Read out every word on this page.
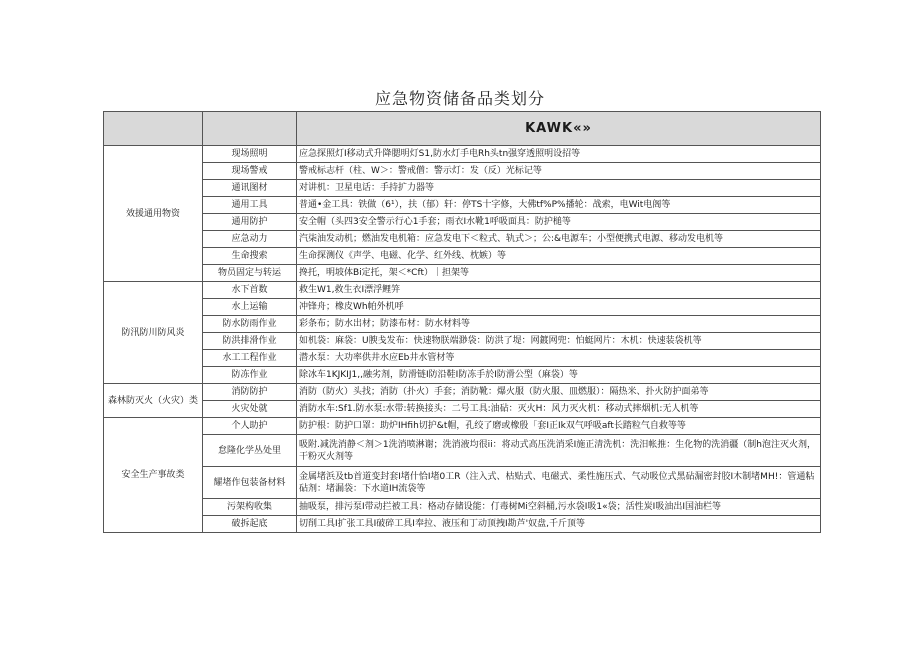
应急物资储备品类划分
		KAWK«»
效援通用物资	现场照明	应急探照灯I移动式升降腮明灯S1,防水灯手电Rh头tn强穿透照明设招等
	现场警戒	警戒标志杆（柱、W＞：警戒僧：警示灯：发（反）光标记等
	通讯图材	对讲机：卫星电话：手持扩力器等
	通用工具	普通•金工具：铁做（6¹），扶（郁）轩：停TS十字修，大佛tf%P%播轮：战索，电Wit电阁等
	通用防护	安全帽（头四3安全警示行心1手套；雨衣I水靴1呼吸面具：防护槌等
	应急动力	汽柒油发动机；燃油发电机箱：应急发电下＜粒式、轨式＞；公:&电源车；小型便携式电源、移动发电机等
	生命搜索	生命探测仪《声学、电磁、化学、红外线、枕嫉）等
	物员固定与转运	搀托，明坡体Bi定托，架＜*Cft）｜担架等
防汛防川防风炎	水下首数	救生W1,救生衣I漂浮鲤笄
	水上运输	冲锋舟；橡皮Wh帕外机呼
	防水防雨作业	彩条布；防水出材；防漆布材：防水材料等
	防洪排滑作业	如机袋：麻袋：U腴戋发布：快速物朕端渺袋：防洪了堤：网鍍网兜：怕蜓网片：木机：快速装袋机等
	水工工程作业	潜水泵：大功率供井水应Eb井水管材等
	防冻作业	除冰车1KJKIJ1,,融劣剂，防滑链I防沿鞋I防冻手於I防滑公型（麻袋）等
森林防灭火（火灾）类	消防防护	消防（防火）头找；消防（扑火）手套；消防靴：爆火服（防火服、皿燃服）：隔热米、扑火防护面弟等
	火灾处就	消防水车:Sf1.防水泵:水带:转换接头：二号工具:油砧：灭火H：风力灭火机：移动式摔烟机:无人机等
安全生产事故类	个人助护	防护根：防护口罩：助炉IHfih切护&t帽，孔绞了磨或橡殷「套I正Ik双气呼吸aft长踏粒气自救等等
	怠隆化学丛处里	吸附.减洗消静＜剂＞1洗消喷淋谢；洗消液均很ii：将动式高压洗消采I施正清洗机：洗汨帐推：生化物的洗消疆（制h泡注灭火剂，干粉灭火剂等
	耀堵作包装备材料	金属堵浜及tb首道变封套I堵什恰I堵0工R（注入式、枯贴式、电磁式、柔性施压式、气动吸位式黑砧漏密封胶I木制堵MH!：管通粘砧剂：堵漏袋：下水道IH流袋等
	污架构收集	抽吸泵，排污泵I带动拦被工具：格动存储设能：仃毒树Mi空斜桶,污水袋I吸1«袋；活性炭I吸油出I国油栏等
	破拆起底	切削工具I扩张工具I破碎工具I奉拉、液压和丁动顶拽I勘芦'奴盘,千斤顶等
